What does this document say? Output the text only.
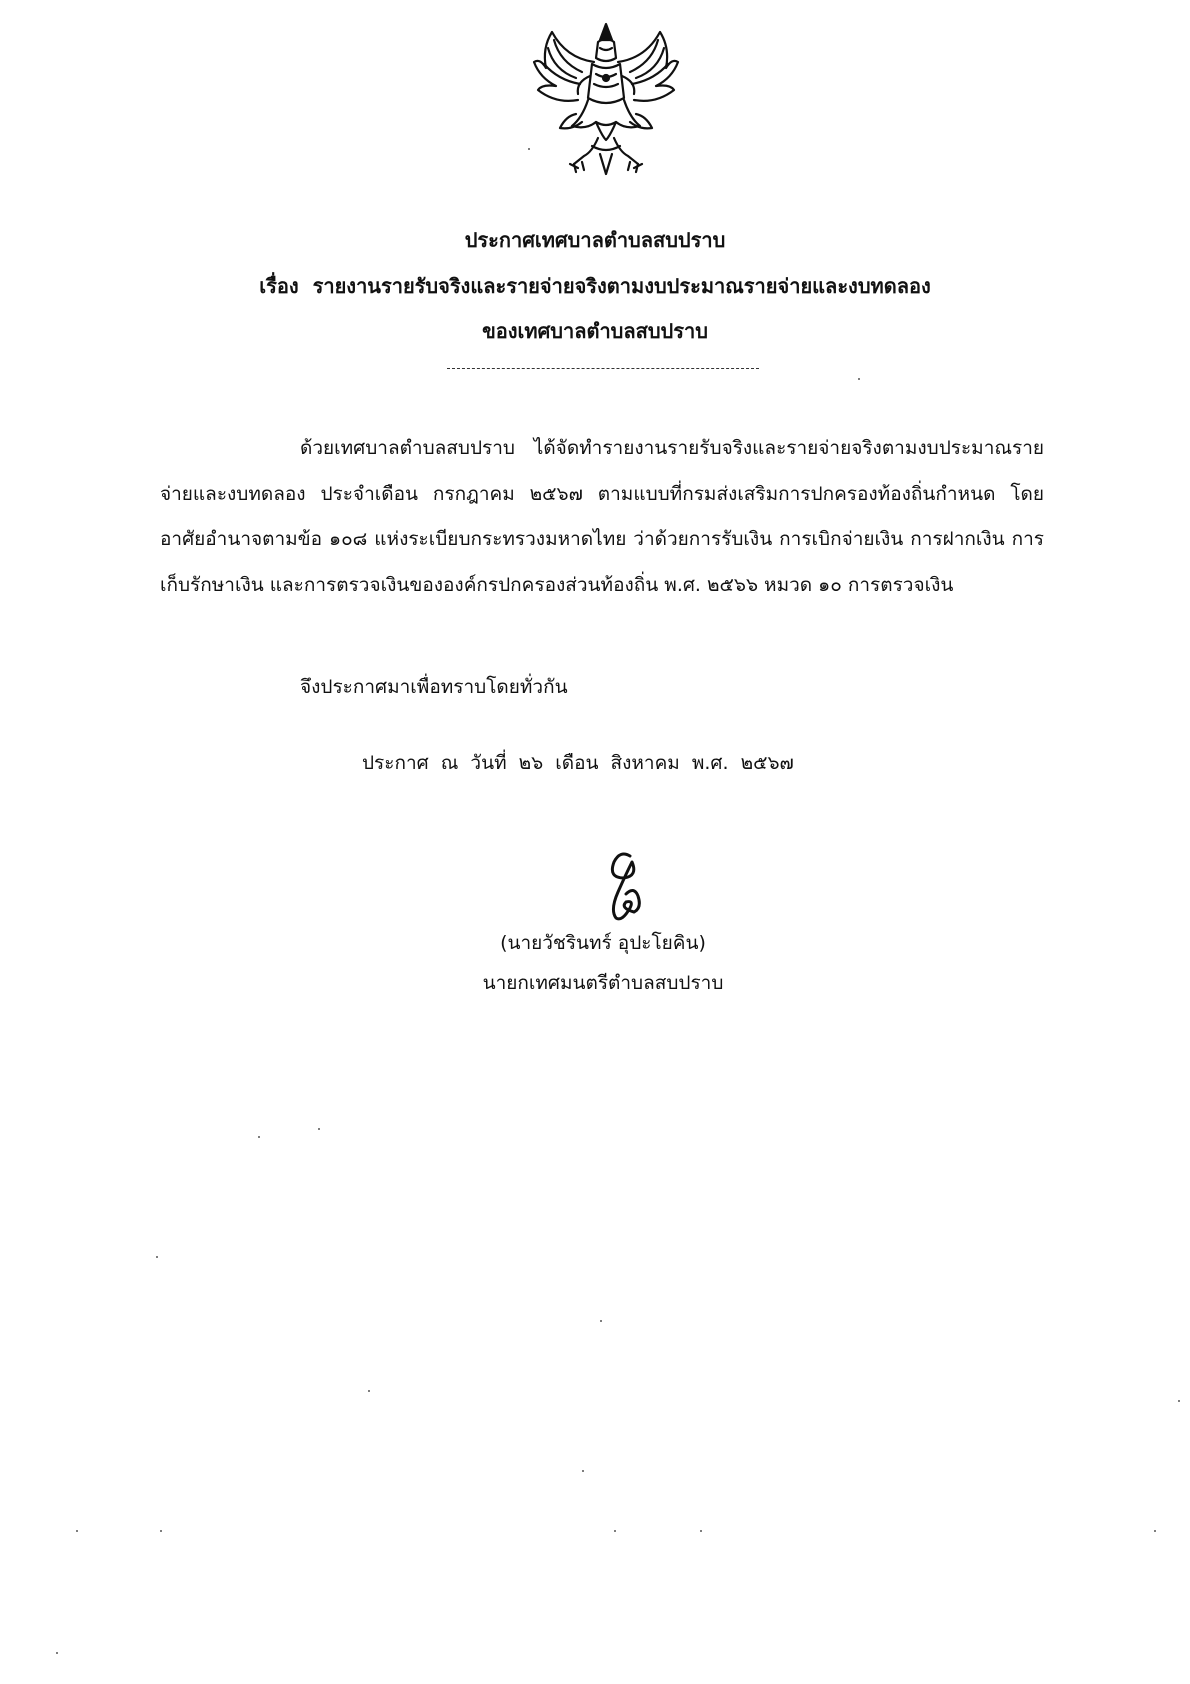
ประกาศเทศบาลตำบลสบปราบ
เรื่อง รายงานรายรับจริงและรายจ่ายจริงตามงบประมาณรายจ่ายและงบทดลอง
ของเทศบาลตำบลสบปราบ

ด้วยเทศบาลตำบลสบปราบ ได้จัดทำรายงานรายรับจริงและรายจ่ายจริงตามงบประมาณรายจ่ายและงบทดลอง ประจำเดือน กรกฎาคม ๒๕๖๗ ตามแบบที่กรมส่งเสริมการปกครองท้องถิ่นกำหนด โดยอาศัยอำนาจตามข้อ ๑๐๘ แห่งระเบียบกระทรวงมหาดไทย ว่าด้วยการรับเงิน การเบิกจ่ายเงิน การฝากเงิน การเก็บรักษาเงิน และการตรวจเงินขององค์กรปกครองส่วนท้องถิ่น พ.ศ. ๒๕๖๖ หมวด ๑๐ การตรวจเงิน

จึงประกาศมาเพื่อทราบโดยทั่วกัน
ประกาศ ณ วันที่ ๒๖ เดือน สิงหาคม พ.ศ. ๒๕๖๗
(นายวัชรินทร์ อุปะโยคิน)
นายกเทศมนตรีตำบลสบปราบ
